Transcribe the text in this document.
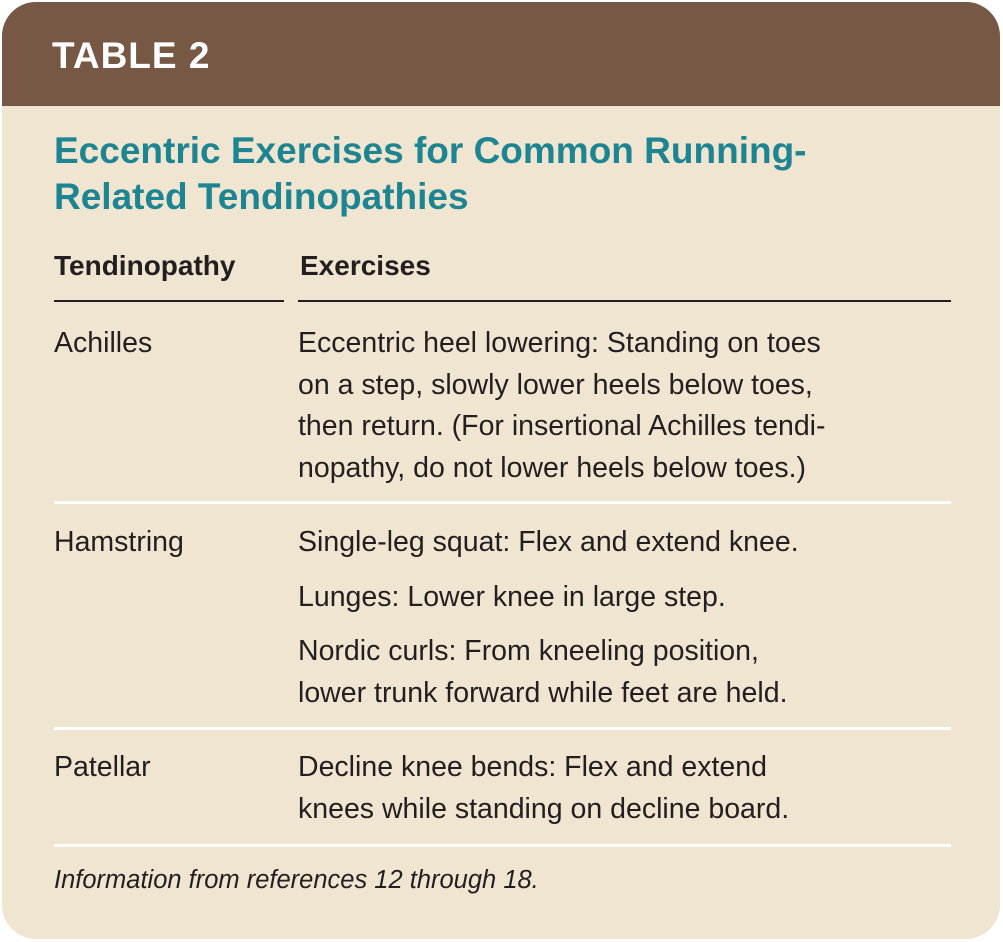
TABLE 2
Eccentric Exercises for Common Running-
Related Tendinopathies
Tendinopathy Exercises
Achilles	Eccentric heel lowering: Standing on toes
on a step, slowly lower heels below toes,
then return. (For insertional Achilles tendi-
nopathy, do not lower heels below toes.)
Hamstring	Single-leg squat: Flex and extend knee.
Lunges: Lower knee in large step.
Nordic curls: From kneeling position,
lower trunk forward while feet are held.
Patellar	Decline knee bends: Flex and extend
knees while standing on decline board.
Information from references 12 through 18.
